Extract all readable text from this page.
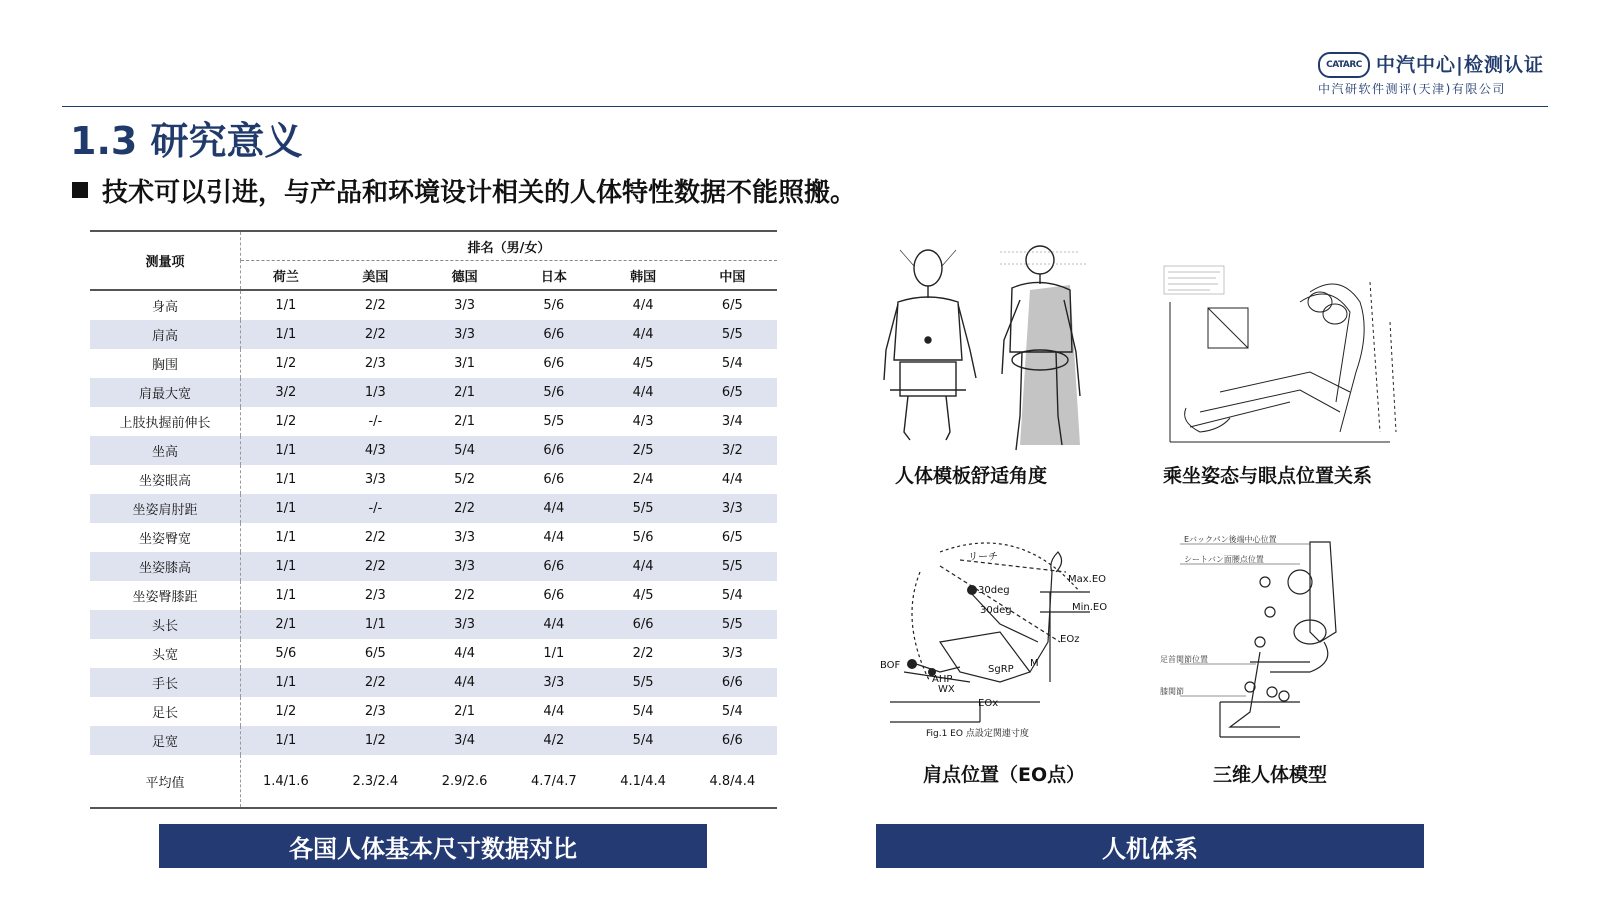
CATARC 中汽中心|检测认证
中汽研软件测评(天津)有限公司
1.3 研究意义
技术可以引进，与产品和环境设计相关的人体特性数据不能照搬。
测量项	排名（男/女）					
	荷兰	美国	德国	日本	韩国	中国
身高	1/1	2/2	3/3	5/6	4/4	6/5
肩高	1/1	2/2	3/3	6/6	4/4	5/5
胸围	1/2	2/3	3/1	6/6	4/5	5/4
肩最大宽	3/2	1/3	2/1	5/6	4/4	6/5
上肢执握前伸长	1/2	-/-	2/1	5/5	4/3	3/4
坐高	1/1	4/3	5/4	6/6	2/5	3/2
坐姿眼高	1/1	3/3	5/2	6/6	2/4	4/4
坐姿肩肘距	1/1	-/-	2/2	4/4	5/5	3/3
坐姿臀宽	1/1	2/2	3/3	4/4	5/6	6/5
坐姿膝高	1/1	2/2	3/3	6/6	4/4	5/5
坐姿臀膝距	1/1	2/3	2/2	6/6	4/5	5/4
头长	2/1	1/1	3/3	4/4	6/6	5/5
头宽	5/6	6/5	4/4	1/1	2/2	3/3
手长	1/1	2/2	4/4	3/3	5/5	6/6
足长	1/2	2/3	2/1	4/4	5/4	5/4
足宽	1/1	1/2	3/4	4/2	5/4	6/6
平均值	1.4/1.6	2.3/2.4	2.9/2.6	4.7/4.7	4.1/4.4	4.8/4.4
各国人体基本尺寸数据对比
人体模板舒适角度	乘坐姿态与眼点位置关系
リーチ
30deg
30deg
Max.EO
Min.EO
EOz
BOF
AHP
SgRP
M
WX
EOx
Fig.1 EO 点設定関連寸度
肩点位置（EO点）
Eバックパン後端中心位置
シートバン面腰点位置
足首関節位置
膝関節
三维人体模型
人机体系
